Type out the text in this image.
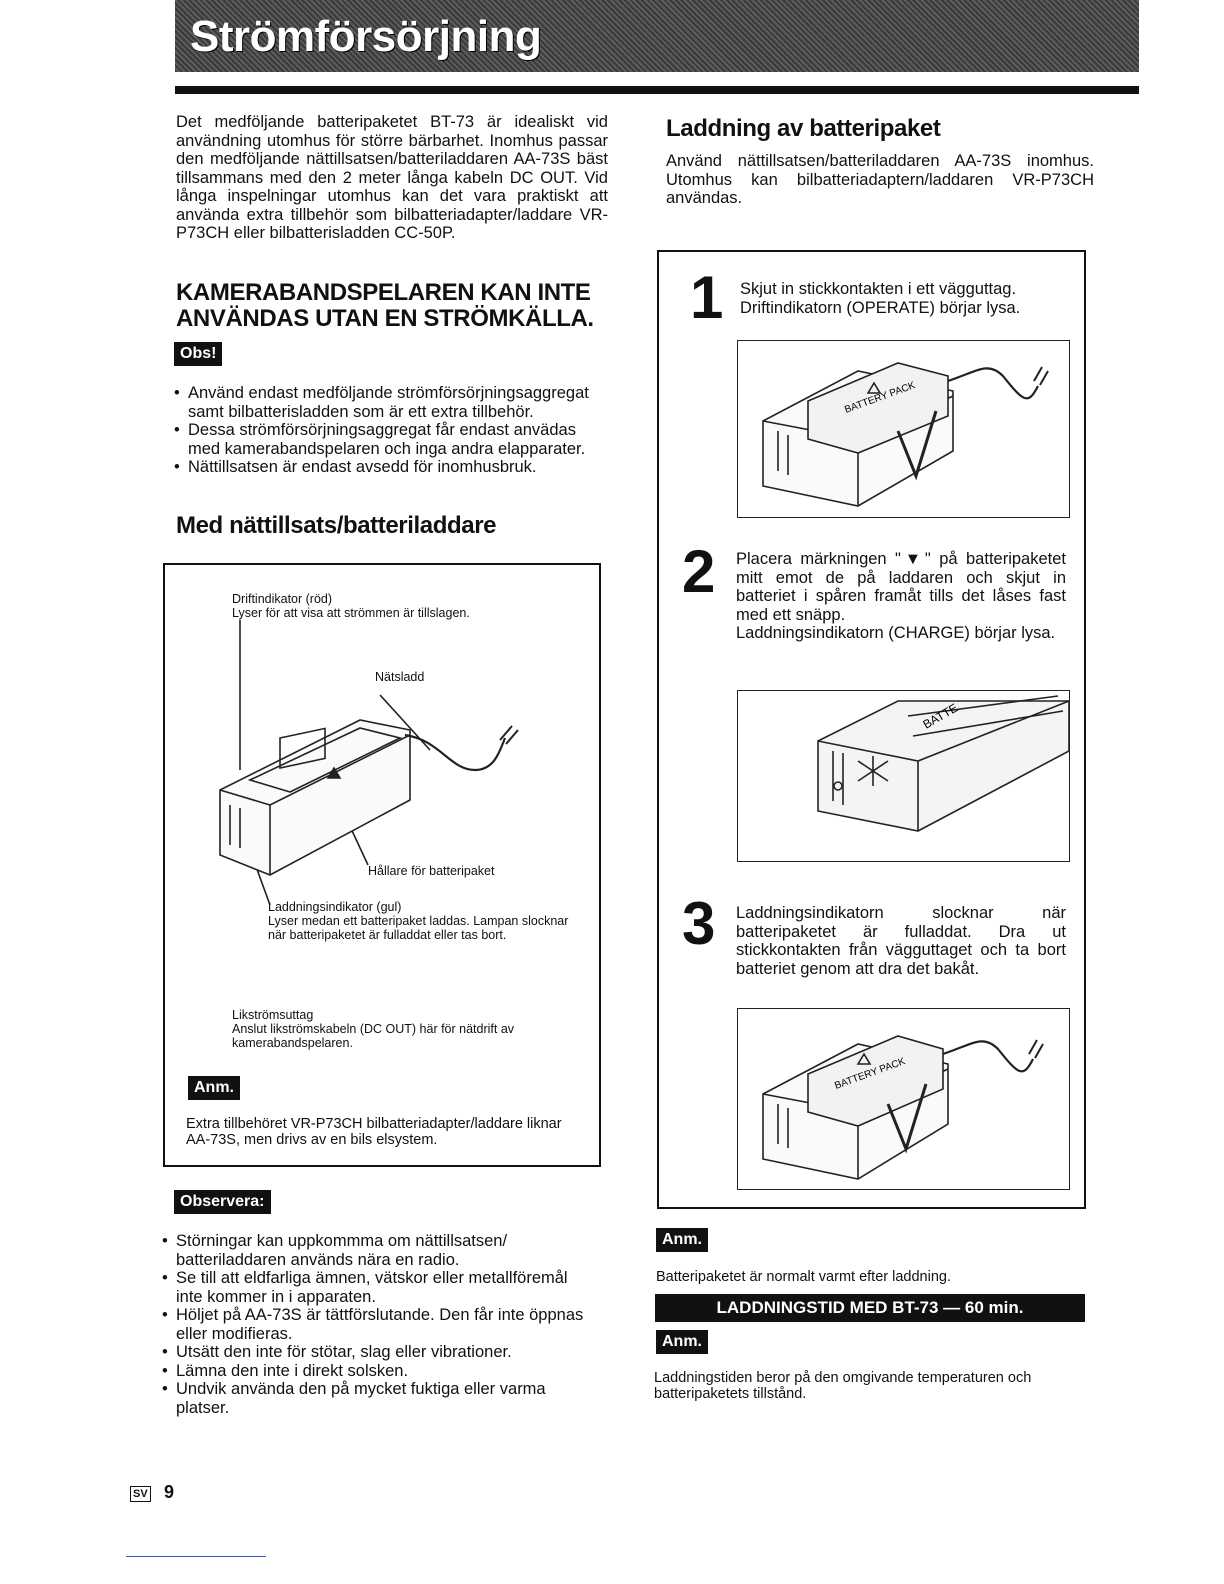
Strömförsörjning
Det medföljande batteripaketet BT-73 är idealiskt vid användning utomhus för större bärbarhet. Inomhus passar den medföljande nättillsatsen/batteriladdaren AA-73S bäst tillsammans med den 2 meter långa kabeln DC OUT. Vid långa inspelningar utomhus kan det vara praktiskt att använda extra tillbehör som bilbatteriadapter/laddare VR-P73CH eller bilbatterisladden CC-50P.
KAMERABANDSPELAREN KAN INTE
ANVÄNDAS UTAN EN STRÖMKÄLLA.
Obs!
• Använd endast medföljande strömförsörjningsaggregat samt bilbatterisladden som är ett extra tillbehör.
• Dessa strömförsörjningsaggregat får endast anvädas med kamerabandspelaren och inga andra elapparater.
• Nättillsatsen är endast avsedd för inomhusbruk.
Med nättillsats/batteriladdare
Driftindikator (röd)
Lyser för att visa att strömmen är tillslagen.
Nätsladd
Hållare för batteripaket
Laddningsindikator (gul)
Lyser medan ett batteripaket laddas. Lampan slocknar när batteripaketet är fulladdat eller tas bort.
Likströmsuttag
Anslut likströmskabeln (DC OUT) här för nätdrift av kamerabandspelaren.
Anm.
Extra tillbehöret VR-P73CH bilbatteriadapter/laddare liknar AA-73S, men drivs av en bils elsystem.
Observera:
• Störningar kan uppkommma om nättillsatsen/ batteriladdaren används nära en radio.
• Se till att eldfarliga ämnen, vätskor eller metallföremål inte kommer in i apparaten.
• Höljet på AA-73S är tättförslutande. Den får inte öppnas eller modifieras.
• Utsätt den inte för stötar, slag eller vibrationer.
• Lämna den inte i direkt solsken.
• Undvik använda den på mycket fuktiga eller varma platser.
Laddning av batteripaket
Använd nättillsatsen/batteriladdaren AA-73S inomhus. Utomhus kan bilbatteriadaptern/laddaren VR-P73CH användas.
1 Skjut in stickkontakten i ett vägguttag. Driftindikatorn (OPERATE) börjar lysa.
BATTERY PACK
2 Placera märkningen "▼" på batteripaketet mitt emot de på laddaren och skjut in batteriet i spåren framåt tills det låses fast med ett snäpp.
Laddningsindikatorn (CHARGE) börjar lysa.
BATTE
3 Laddningsindikatorn slocknar när batteripaketet är fulladdat. Dra ut stickkontakten från vägguttaget och ta bort batteriet genom att dra det bakåt.
BATTERY PACK
Anm.
Batteripaketet är normalt varmt efter laddning.
LADDNINGSTID MED BT-73 — 60 min.
Anm.
Laddningstiden beror på den omgivande temperaturen och batteripaketets tillstånd.
SV 9
